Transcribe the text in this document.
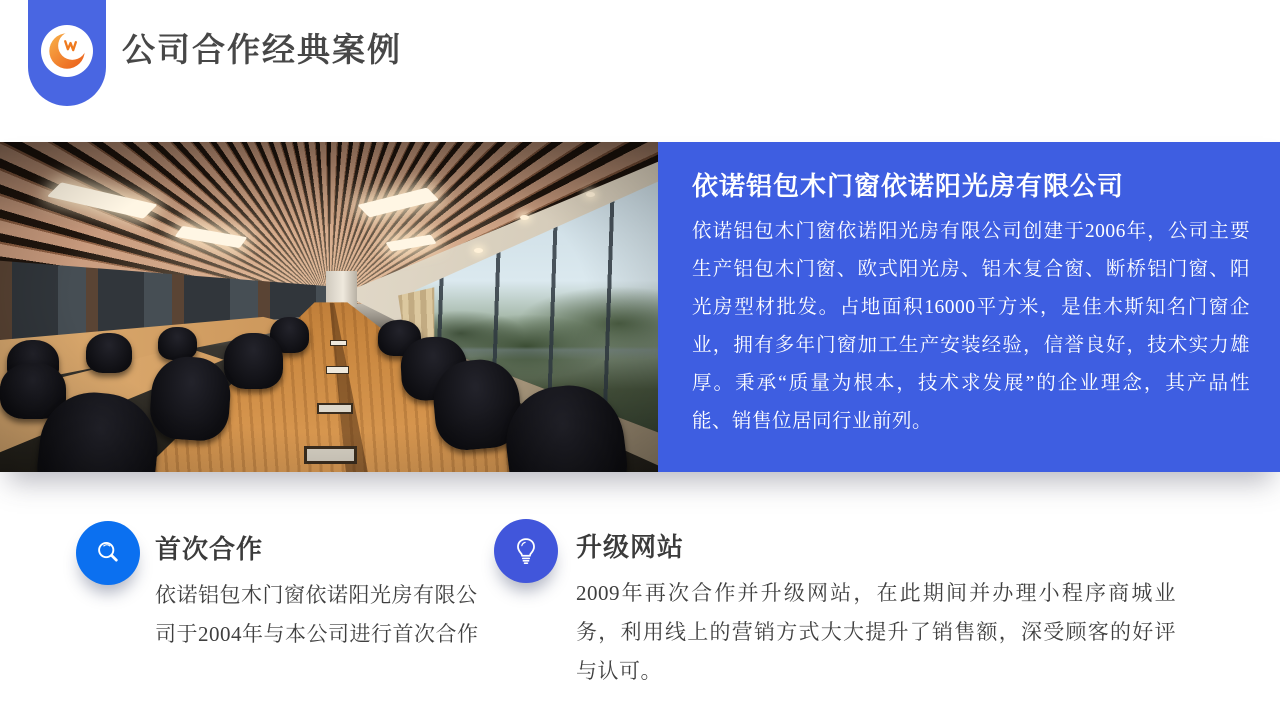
公司合作经典案例
依诺铝包木门窗依诺阳光房有限公司

依诺铝包木门窗依诺阳光房有限公司创建于2006年，公司主要生产铝包木门窗、欧式阳光房、铝木复合窗、断桥铝门窗、阳光房型材批发。占地面积16000平方米，是佳木斯知名门窗企业，拥有多年门窗加工生产安装经验，信誉良好，技术实力雄厚。秉承“质量为根本，技术求发展”的企业理念，其产品性能、销售位居同行业前列。

首次合作

依诺铝包木门窗依诺阳光房有限公司于2004年与本公司进行首次合作

升级网站

2009年再次合作并升级网站，在此期间并办理小程序商城业务，利用线上的营销方式大大提升了销售额，深受顾客的好评与认可。
